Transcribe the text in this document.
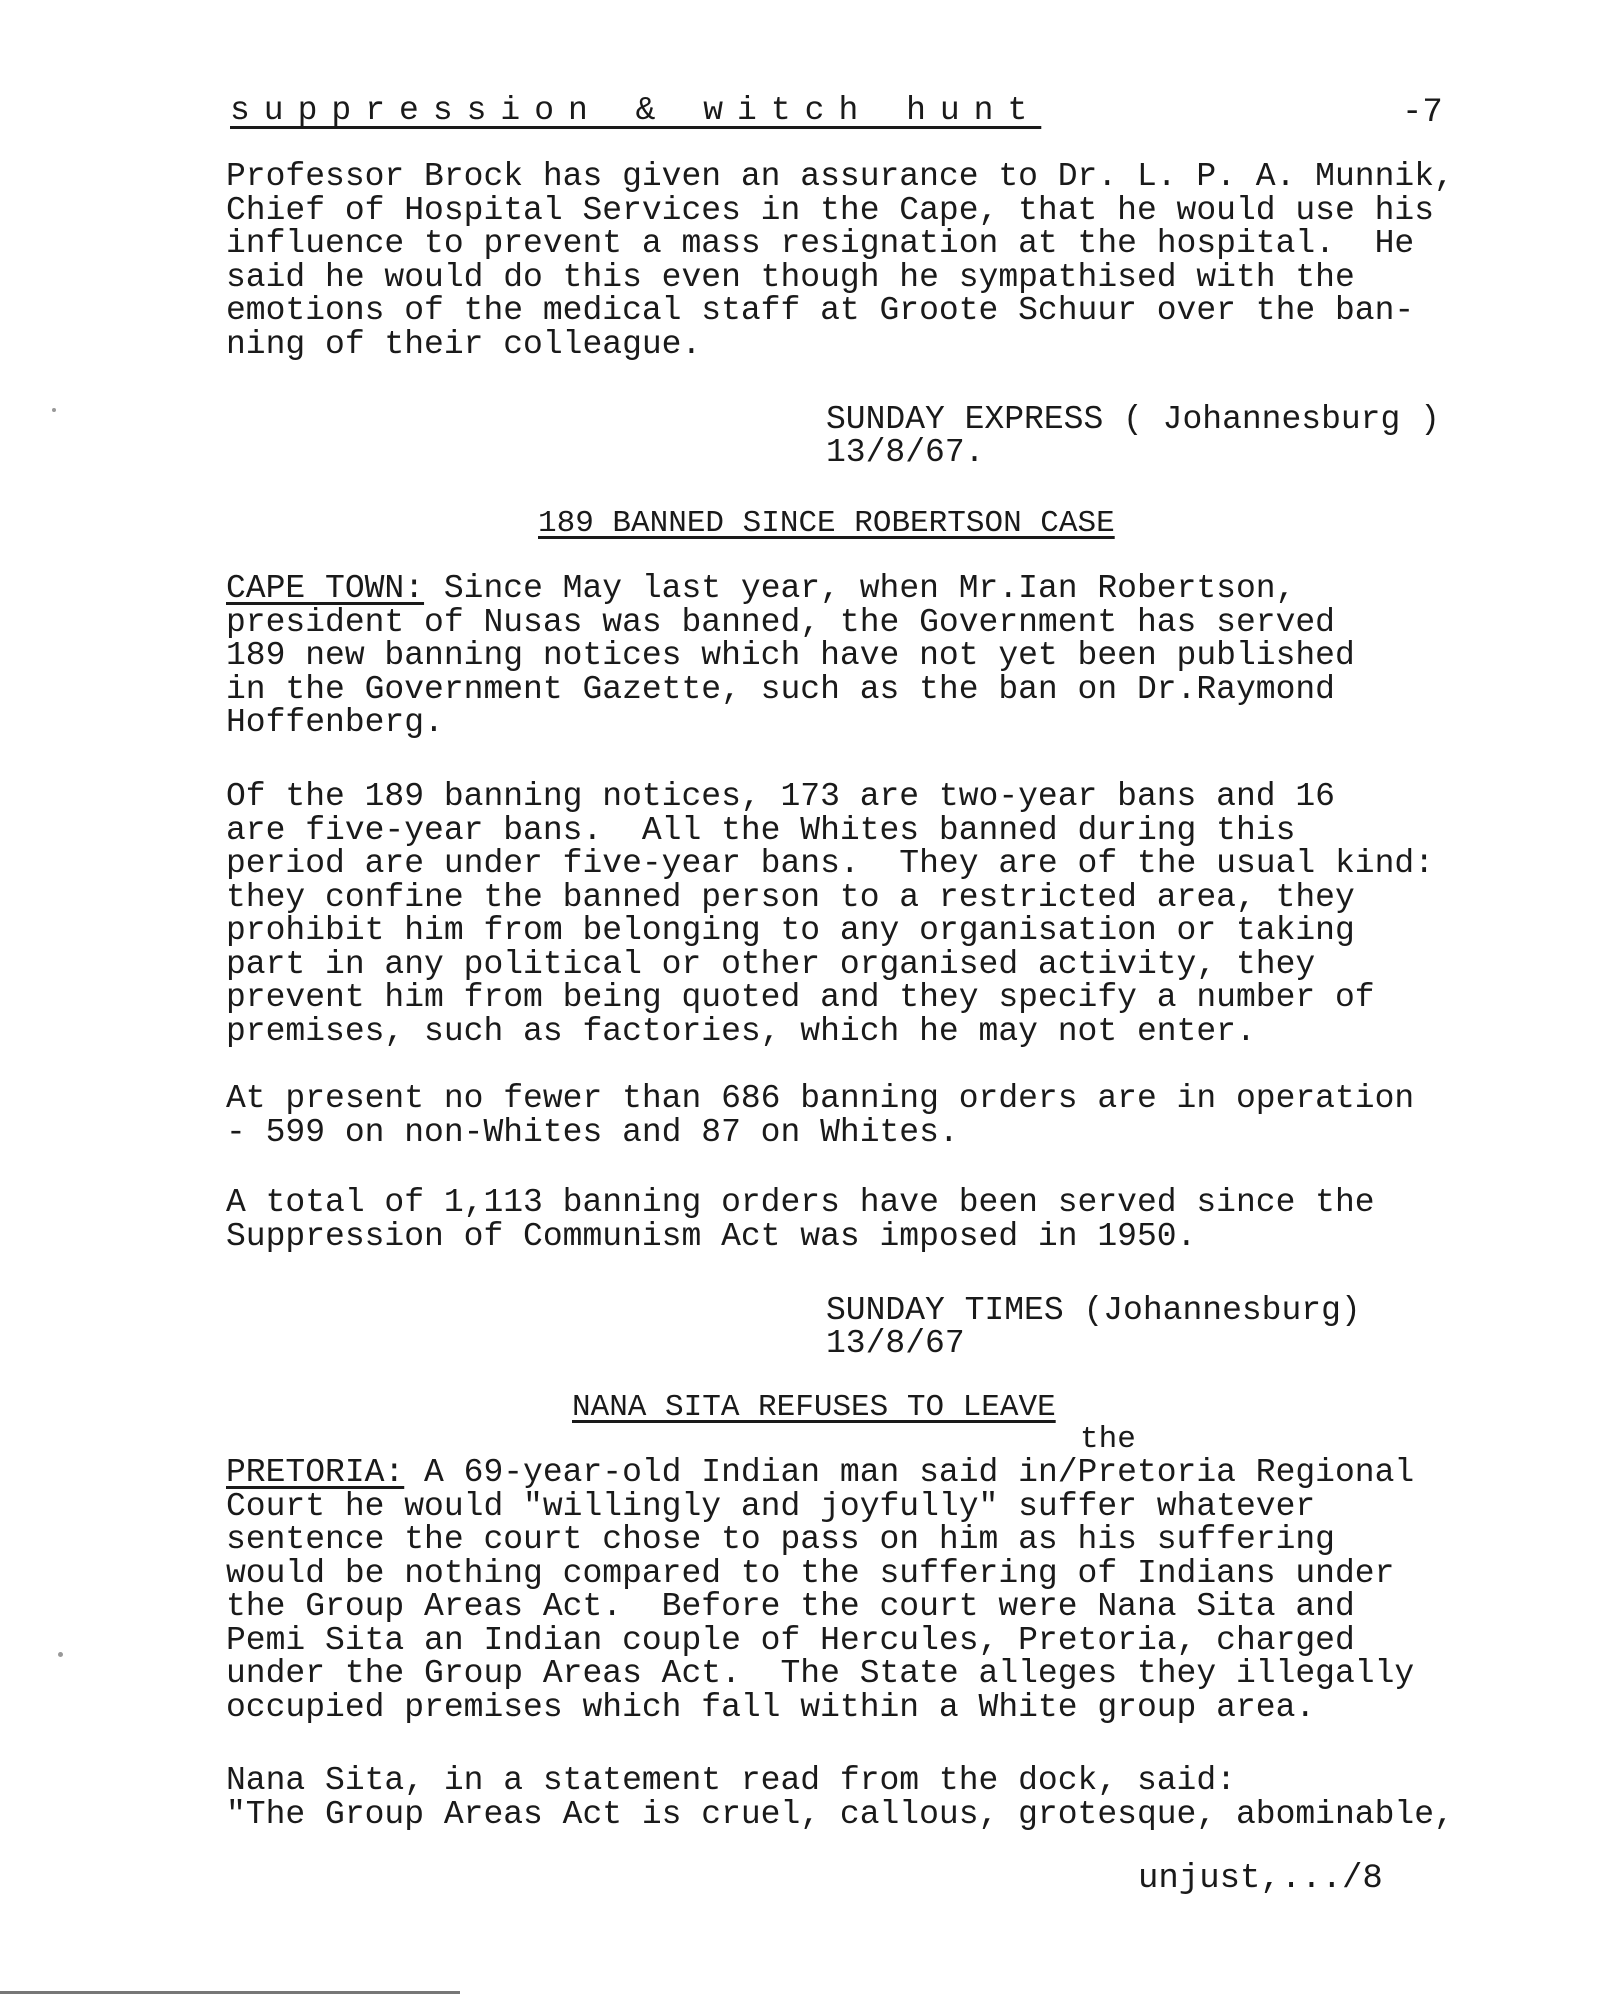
suppression & witch hunt	-7

Professor Brock has given an assurance to Dr. L. P. A. Munnik,
Chief of Hospital Services in the Cape, that he would use his
influence to prevent a mass resignation at the hospital.  He
said he would do this even though he sympathised with the
emotions of the medical staff at Groote Schuur over the ban-
ning of their colleague.

SUNDAY EXPRESS ( Johannesburg )
13/8/67.
189 BANNED SINCE ROBERTSON CASE

CAPE TOWN: Since May last year, when Mr.Ian Robertson,
president of Nusas was banned, the Government has served
189 new banning notices which have not yet been published
in the Government Gazette, such as the ban on Dr.Raymond
Hoffenberg.

Of the 189 banning notices, 173 are two-year bans and 16
are five-year bans.  All the Whites banned during this
period are under five-year bans.  They are of the usual kind:
they confine the banned person to a restricted area, they
prohibit him from belonging to any organisation or taking
part in any political or other organised activity, they
prevent him from being quoted and they specify a number of
premises, such as factories, which he may not enter.

At present no fewer than 686 banning orders are in operation
- 599 on non-Whites and 87 on Whites.

A total of 1,113 banning orders have been served since the
Suppression of Communism Act was imposed in 1950.

SUNDAY TIMES (Johannesburg)
13/8/67
NANA SITA REFUSES TO LEAVE
the

PRETORIA: A 69-year-old Indian man said in/Pretoria Regional
Court he would "willingly and joyfully" suffer whatever
sentence the court chose to pass on him as his suffering
would be nothing compared to the suffering of Indians under
the Group Areas Act.  Before the court were Nana Sita and
Pemi Sita an Indian couple of Hercules, Pretoria, charged
under the Group Areas Act.  The State alleges they illegally
occupied premises which fall within a White group area.

Nana Sita, in a statement read from the dock, said:
"The Group Areas Act is cruel, callous, grotesque, abominable,

unjust,.../8
